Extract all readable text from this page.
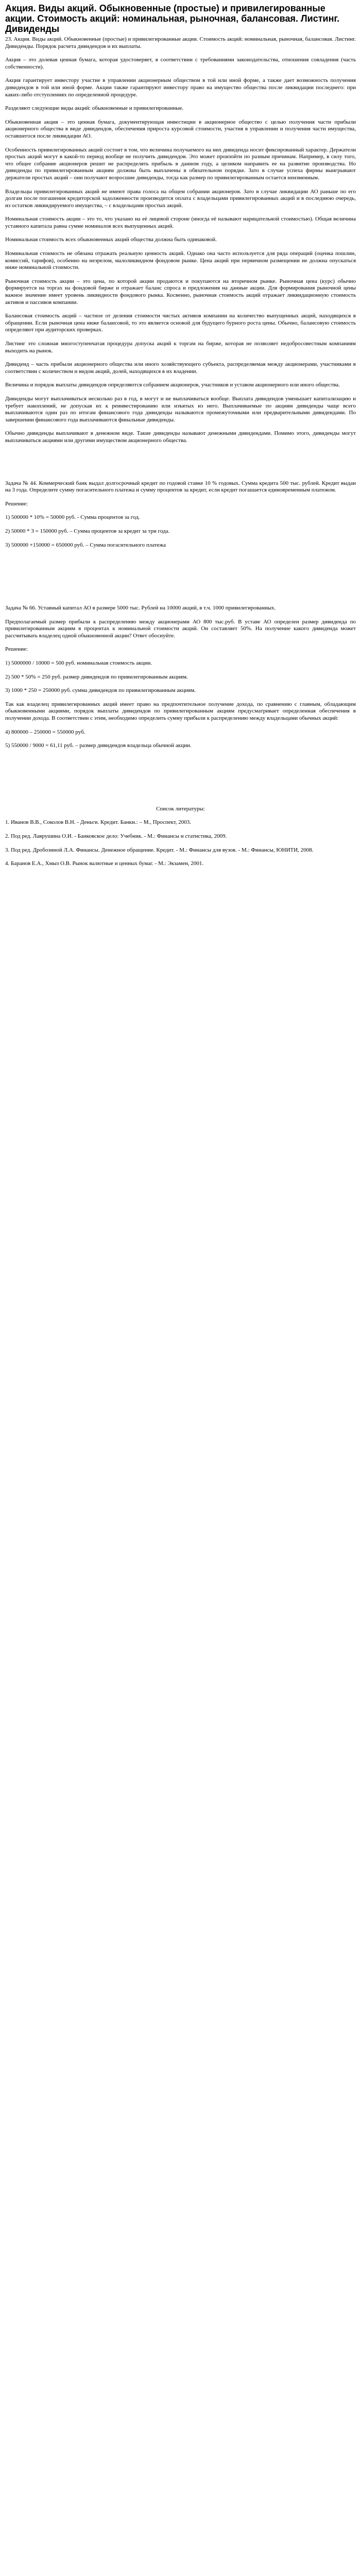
Акция. Виды акций. Обыкновенные (простые) и привилегированные акции. Стоимость акций: номинальная, рыночная, балансовая. Листинг. Дивиденды

23. Акция. Виды акций. Обыкновенные (простые) и привилегированные акции. Стоимость акций: номинальная, рыночная, балансовая. Листинг. Дивиденды. Порядок расчета дивидендов и их выплаты.

Акция – это долевая ценная бумага, которая удостоверяет, в соответствии с требованиями законодательства, отношения совладения (часть собственности).

Акция гарантирует инвестору участие в управлении акционерным обществом в той или иной форме, а также дает возможность получения дивидендов в той или иной форме. Акции также гарантируют инвестору право на имущество общества после ликвидации последнего: при каких-либо отступлениях по определенной процедуре.

Разделяют следующие виды акций: обыкновенные и привилегированные.

Обыкновенная акция – это ценная бумага, документирующая инвестиции в акционерное общество с целью получения части прибыли акционерного общества в виде дивидендов, обеспечения прироста курсовой стоимости, участия в управлении и получения части имущества, оставшегося после ликвидации АО.

Особенность привилегированных акций состоит в том, что величина получаемого на них дивиденда носит фиксированный характер. Держатели простых акций могут в какой-то период вообще не получить дивидендов. Это может произойти по разным причинам. Например, в силу того, что общее собрание акционеров решит не распределять прибыль в данном году, а целиком направить ее на развитие производства. Но дивиденды по привилегированным акциям должны быть выплачены в обязательном порядке. Зато в случае успеха фирмы выигрывают держатели простых акций – они получают возросшие дивиденды, тогда как размер по привилегированным остается неизменным.

Владельцы привилегированных акций не имеют права голоса на общем собрании акционеров. Зато в случае ликвидации АО раньше по его долгам после погашения кредиторской задолженности производится оплата с владельцами привилегированных акций и в последнюю очередь, из остатков ликвидируемого имущества, – с владельцами простых акций.

Номинальная стоимость акции – это то, что указано на её лицевой стороне (иногда её называют нарицательной стоимостью). Общая величина уставного капитала равна сумме номиналов всех выпущенных акций.

Номинальная стоимость всех обыкновенных акций общества должна быть одинаковой.

Номинальная стоимость не обязана отражать реальную ценность акций. Однако она часто используется для ряда операций (оценка пошлин, комиссий, тарифов), особенно на незрелом, малоликвидном фондовом рынке. Цена акций при первичном размещении не должна опускаться ниже номинальной стоимости.

Рыночная стоимость акции – это цена, по которой акции продаются и покупаются на вторичном рынке. Рыночная цена (курс) обычно формируется на торгах на фондовой бирже и отражает баланс спроса и предложения на данные акции. Для формирования рыночной цены важное значение имеет уровень ликвидности фондового рынка. Косвенно, рыночная стоимость акций отражает ликвидационную стоимость активов и пассивов компании.

Балансовая стоимость акций – частное от деления стоимости чистых активов компании на количество выпущенных акций, находящихся в обращении. Если рыночная цена ниже балансовой, то это является основой для будущего бурного роста цены. Обычно, балансовую стоимость определяют при аудиторских проверках.

Листинг это сложная многоступенчатая процедура допуска акций к торгам на бирже, которая не позволяет недобросовестным компаниям выходить на рынок.

Дивиденд – часть прибыли акционерного общества или иного хозяйствующего субъекта, распределяемая между акционерами, участниками в соответствии с количеством и видом акций, долей, находящихся в их владении.

Величина и порядок выплаты дивидендов определяются собранием акционеров, участников и уставом акционерного или иного общества.

Дивиденды могут выплачиваться несколько раз в год, в могут и не выплачиваться вообще. Выплата дивидендов уменьшает капитализацию и требует накоплений, не допуская их к реинвестированию или изъятых из него. Выплачиваемые по акциям дивиденды чаще всего выплачиваются один раз по итогам финансового года дивиденды называются промежуточными или предварительными дивидендами. По завершении финансового года выплачиваются финальные дивиденды.

Обычно дивиденды выплачивают в денежном виде. Такие дивиденды называют денежными дивидендами. Помимо этого, дивиденды могут выплачиваться акциями или другими имуществом акционерного общества.

Задача № 44. Коммерческий банк выдал долгосрочный кредит по годовой ставке 10 % годовых. Сумма кредита 500 тыс. рублей. Кредит выдан на 3 года. Определите сумму погасительного платежа и сумму процентов за кредит, если кредит погашается единовременным платежом.

Решение:

1) 500000 * 10% = 50000 руб. - Сумма процентов за год.

2) 50000 * 3 = 150000 руб. – Сумма процентов за кредит за три года.

3) 500000 +150000 = 650000 руб. – Сумма погасительного платежа

Задача № 66. Уставный капитал АО в размере 5000 тыс. Рублей на 10000 акций, в т.ч. 1000 привилегированных.

Предполагаемый размер прибыли к распределению между акционерами АО 800 тыс.руб. В уставе АО определен размер дивиденда по привилегированным акциям в процентах к номинальной стоимости акций. Он составляет 50%. На получение какого дивиденда может рассчитывать владелец одной обыкновенной акции? Ответ обоснуйте.

Решение:

1) 5000000 / 10000 = 500 руб. номинальная стоимость акции.

2) 500 * 50% = 250 руб. размер дивидендов по привилегированным акциям.

3) 1000 * 250 = 250000 руб. сумма дивидендов по привилегированным акциям.

Так как владелец привилегированных акций имеет право на предпочтительное получение дохода, по сравнению с главным, обладающим обыкновенными акциями, порядок выплаты дивидендов по привилегированным акциям предусматривает определенная обеспечения в получении дохода. В соответствии с этим, необходимо определить сумму прибыли к распределению между владельцами обычных акций:

4) 800000 – 250000 = 550000 руб.

5) 550000 / 9000 = 61,11 руб. – размер дивидендов владельца обычной акции.

Список литературы:

1. Иванов В.В., Соколов В.Н. - Деньги. Кредит. Банки.: – М., Проспект, 2003.

2. Под ред. Лаврушина О.И. - Банковское дело: Учебник. - М.: Финансы и статистика, 2009.

3. Под ред. Дробозиной Л.А. Финансы. Денежное обращение. Кредит. - М.: Финансы для вузов. - М.: Финансы, ЮНИТИ, 2008.

4. Баранов Е.А., Хмыз О.В. Рынок валютные и ценных бумаг. - М.: Экзамен, 2001.
